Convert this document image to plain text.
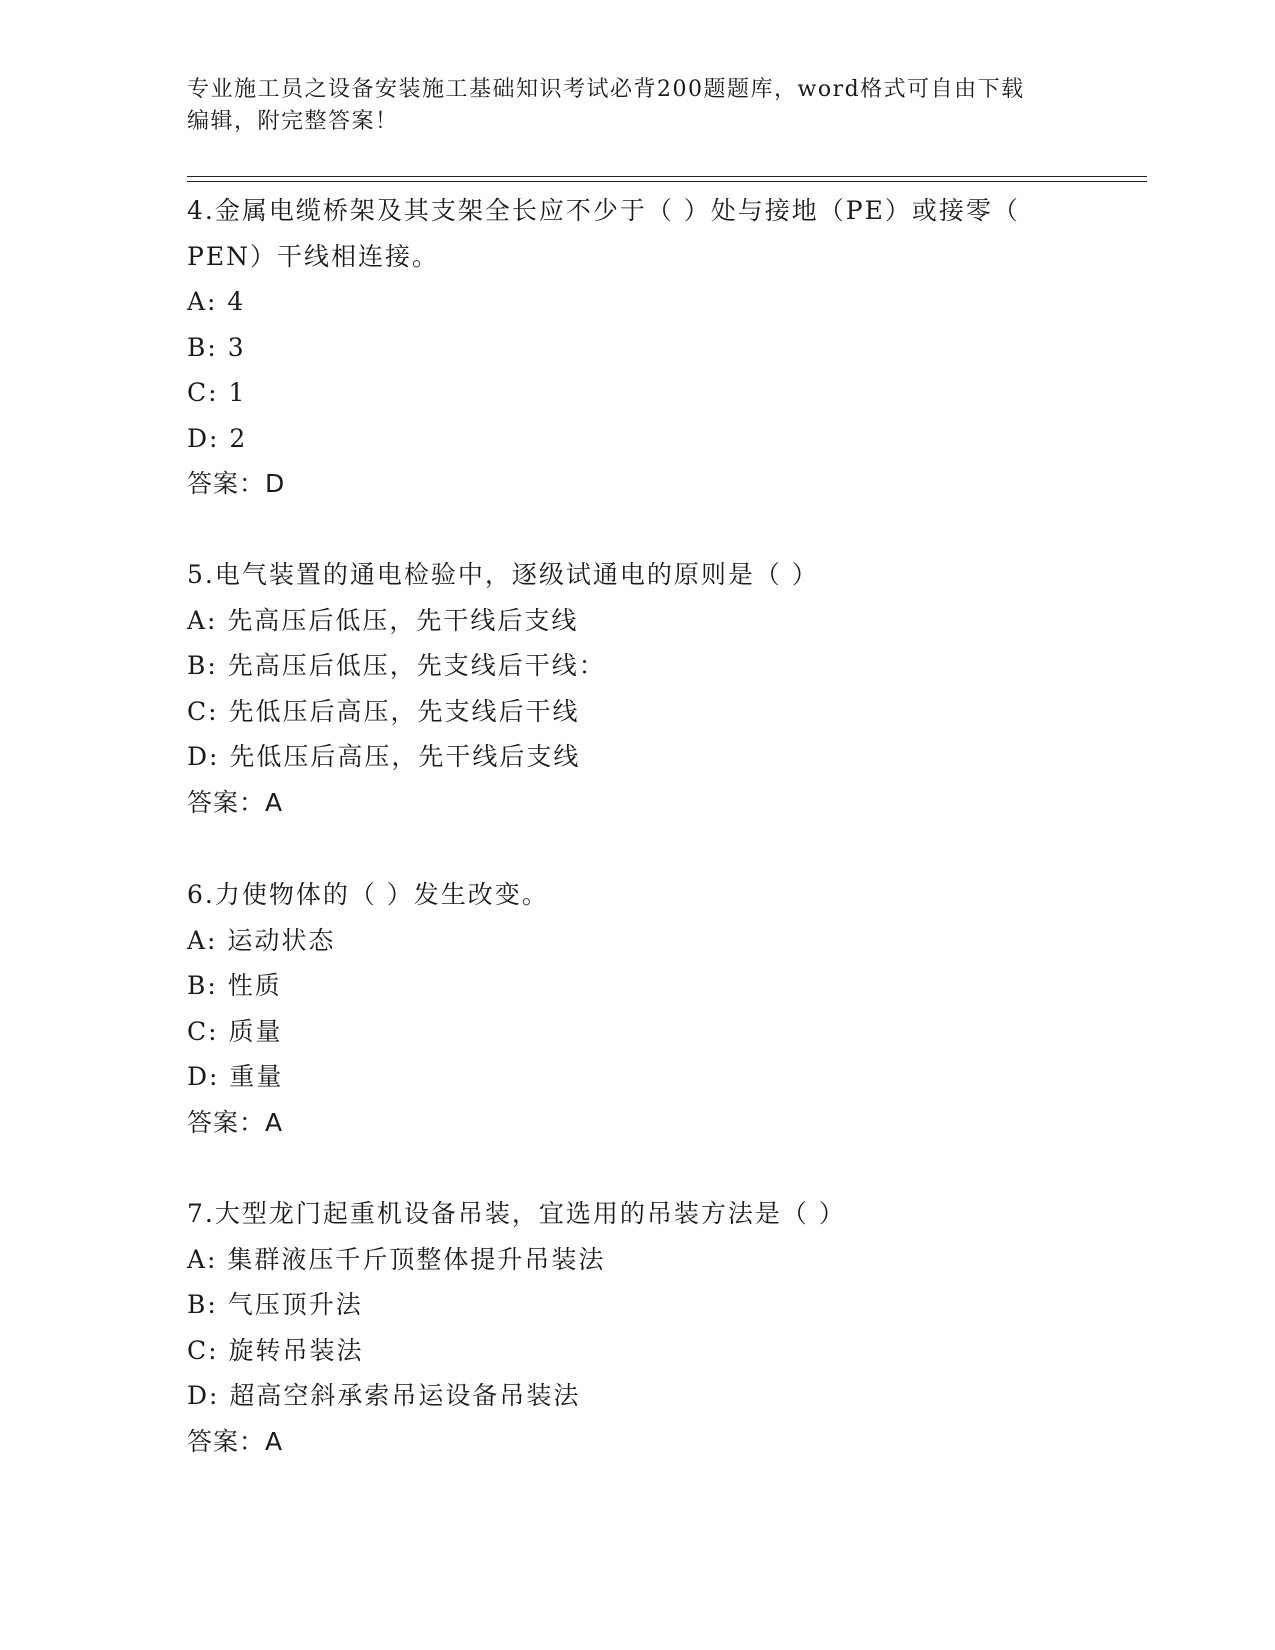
专业施工员之设备安装施工基础知识考试必背200题题库，word格式可自由下载
编辑，附完整答案！
4.金属电缆桥架及其支架全长应不少于（ ）处与接地（PE）或接零（
PEN）干线相连接。
A: 4
B: 3
C: 1
D: 2
答案：D
5.电气装置的通电检验中，逐级试通电的原则是（ ）
A: 先高压后低压，先干线后支线
B: 先高压后低压，先支线后干线：
C: 先低压后高压，先支线后干线
D: 先低压后高压，先干线后支线
答案：A
6.力使物体的（ ）发生改变。
A: 运动状态
B: 性质
C: 质量
D: 重量
答案：A
7.大型龙门起重机设备吊装，宜选用的吊装方法是（ ）
A: 集群液压千斤顶整体提升吊装法
B: 气压顶升法
C: 旋转吊装法
D: 超高空斜承索吊运设备吊装法
答案：A
